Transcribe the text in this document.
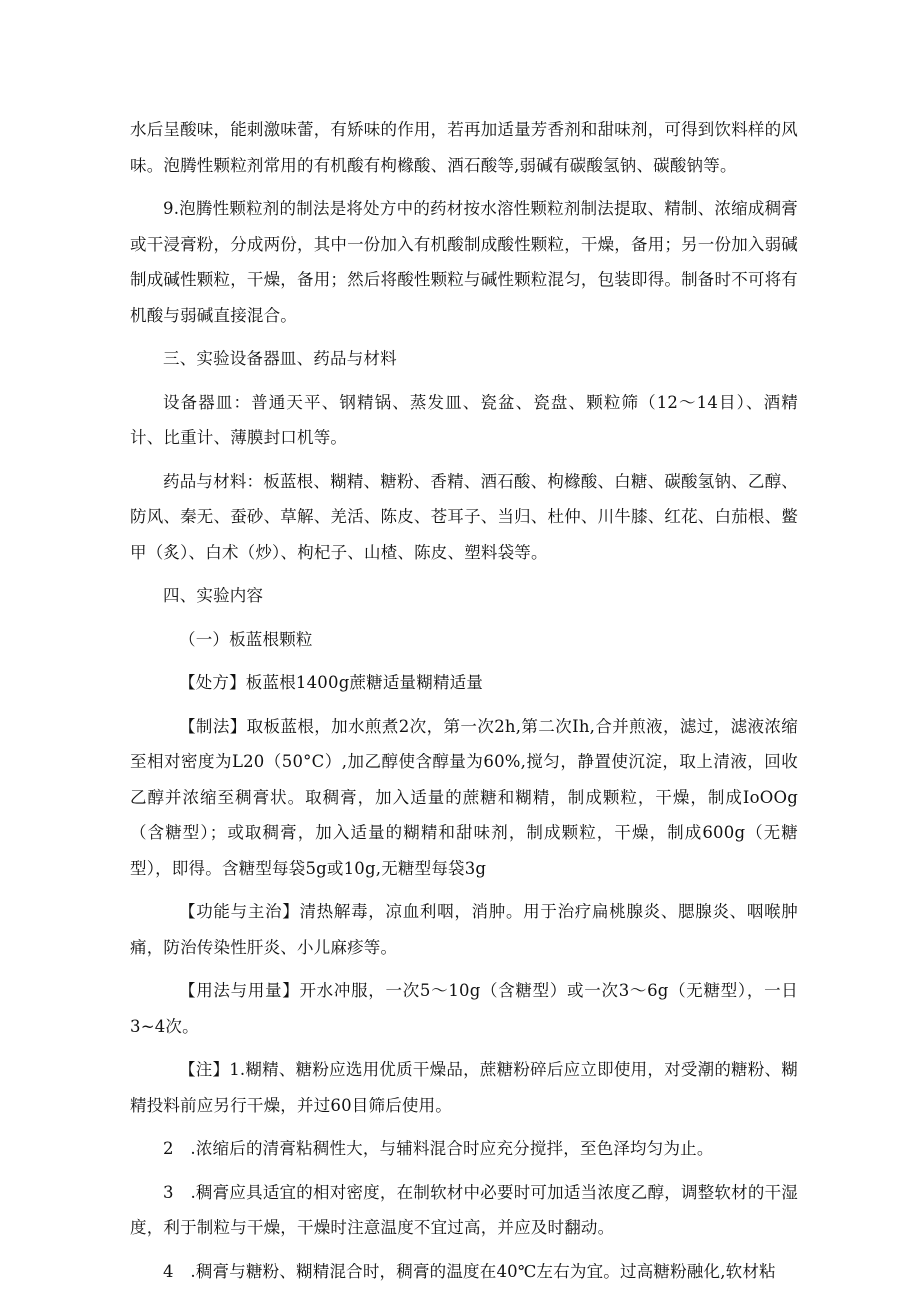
水后呈酸味，能刺激味蕾，有矫味的作用，若再加适量芳香剂和甜味剂，可得到饮料样的风味。泡腾性颗粒剂常用的有机酸有枸橼酸、酒石酸等,弱碱有碳酸氢钠、碳酸钠等。

9.泡腾性颗粒剂的制法是将处方中的药材按水溶性颗粒剂制法提取、精制、浓缩成稠膏或干浸膏粉，分成两份，其中一份加入有机酸制成酸性颗粒，干燥，备用；另一份加入弱碱制成碱性颗粒，干燥，备用；然后将酸性颗粒与碱性颗粒混匀，包装即得。制备时不可将有机酸与弱碱直接混合。

三、实验设备器皿、药品与材料

设备器皿：普通天平、钢精锅、蒸发皿、瓷盆、瓷盘、颗粒筛（12～14目）、酒精计、比重计、薄膜封口机等。

药品与材料：板蓝根、糊精、糖粉、香精、酒石酸、枸橼酸、白糖、碳酸氢钠、乙醇、防风、秦无、蚕砂、草解、羌活、陈皮、苍耳子、当归、杜仲、川牛膝、红花、白茄根、鳖甲（炙）、白术（炒）、枸杞子、山楂、陈皮、塑料袋等。

四、实验内容

（一）板蓝根颗粒

【处方】板蓝根1400g蔗糖适量糊精适量

【制法】取板蓝根，加水煎煮2次，第一次2h,第二次Ih,合并煎液，滤过，滤液浓缩至相对密度为L20（50°C）,加乙醇使含醇量为60%,搅匀，静置使沉淀，取上清液，回收乙醇并浓缩至稠膏状。取稠膏，加入适量的蔗糖和糊精，制成颗粒，干燥，制成IoOOg（含糖型）；或取稠膏，加入适量的糊精和甜味剂，制成颗粒，干燥，制成600g（无糖型），即得。含糖型每袋5g或10g,无糖型每袋3g

【功能与主治】清热解毒，凉血利咽，消肿。用于治疗扁桃腺炎、腮腺炎、咽喉肿痛，防治传染性肝炎、小儿麻疹等。

【用法与用量】开水冲服，一次5～10g（含糖型）或一次3～6g（无糖型），一日3~4次。

【注】1.糊精、糖粉应选用优质干燥品，蔗糖粉碎后应立即使用，对受潮的糖粉、糊精投料前应另行干燥，并过60目筛后使用。

2　.浓缩后的清膏粘稠性大，与辅料混合时应充分搅拌，至色泽均匀为止。

3　.稠膏应具适宜的相对密度，在制软材中必要时可加适当浓度乙醇，调整软材的干湿度，利于制粒与干燥，干燥时注意温度不宜过高，并应及时翻动。

4　.稠膏与糖粉、糊精混合时，稠膏的温度在40℃左右为宜。过高糖粉融化,软材粘
